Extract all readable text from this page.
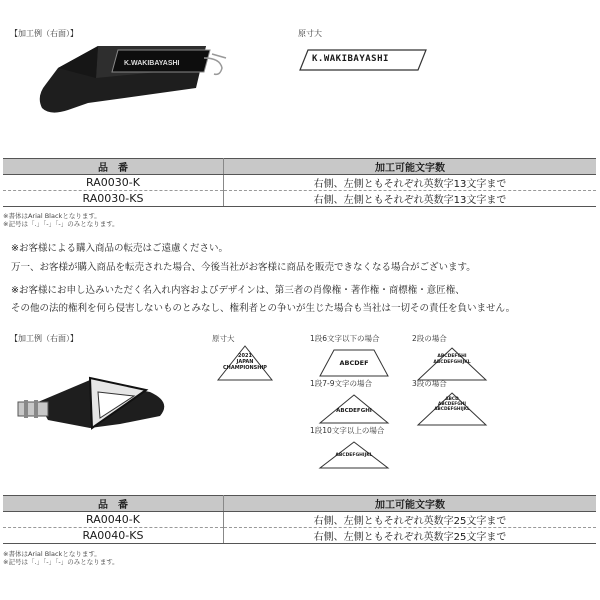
【加工例（右面）】	原寸大
K.WAKIBAYASHI	K.WAKIBAYASHI
品　番	加工可能文字数
RA0030-K	右側、左側ともそれぞれ英数字13文字まで
RA0030-KS	右側、左側ともそれぞれ英数字13文字まで
※書体はArial Blackとなります。
※記号は「.」「-」「-」のみとなります。
※お客様による購入商品の転売はご遠慮ください。
万一、お客様が購入商品を転売された場合、今後当社がお客様に商品を販売できなくなる場合がございます。
※お客様にお申し込みいただく名入れ内容およびデザインは、第三者の肖像権・著作権・商標権・意匠権、
その他の法的権利を何ら侵害しないものとみなし、権利者との争いが生じた場合も当社は一切その責任を負いません。
【加工例（右面）】	原寸大
2021
JAPAN
CHAMPIONSHIP
1段6文字以下の場合
ABCDEF
2段の場合
ABCDEFGHI
ABCDEFGHIJKL
1段7-9文字の場合
ABCDEFGHI
3段の場合
ABCD
ABCDEFGHI
ABCDEFGHIJKL
1段10文字以上の場合
ABCDEFGHIJKL
品　番	加工可能文字数
RA0040-K	右側、左側ともそれぞれ英数字25文字まで
RA0040-KS	右側、左側ともそれぞれ英数字25文字まで
※書体はArial Blackとなります。
※記号は「.」「-」「-」のみとなります。
